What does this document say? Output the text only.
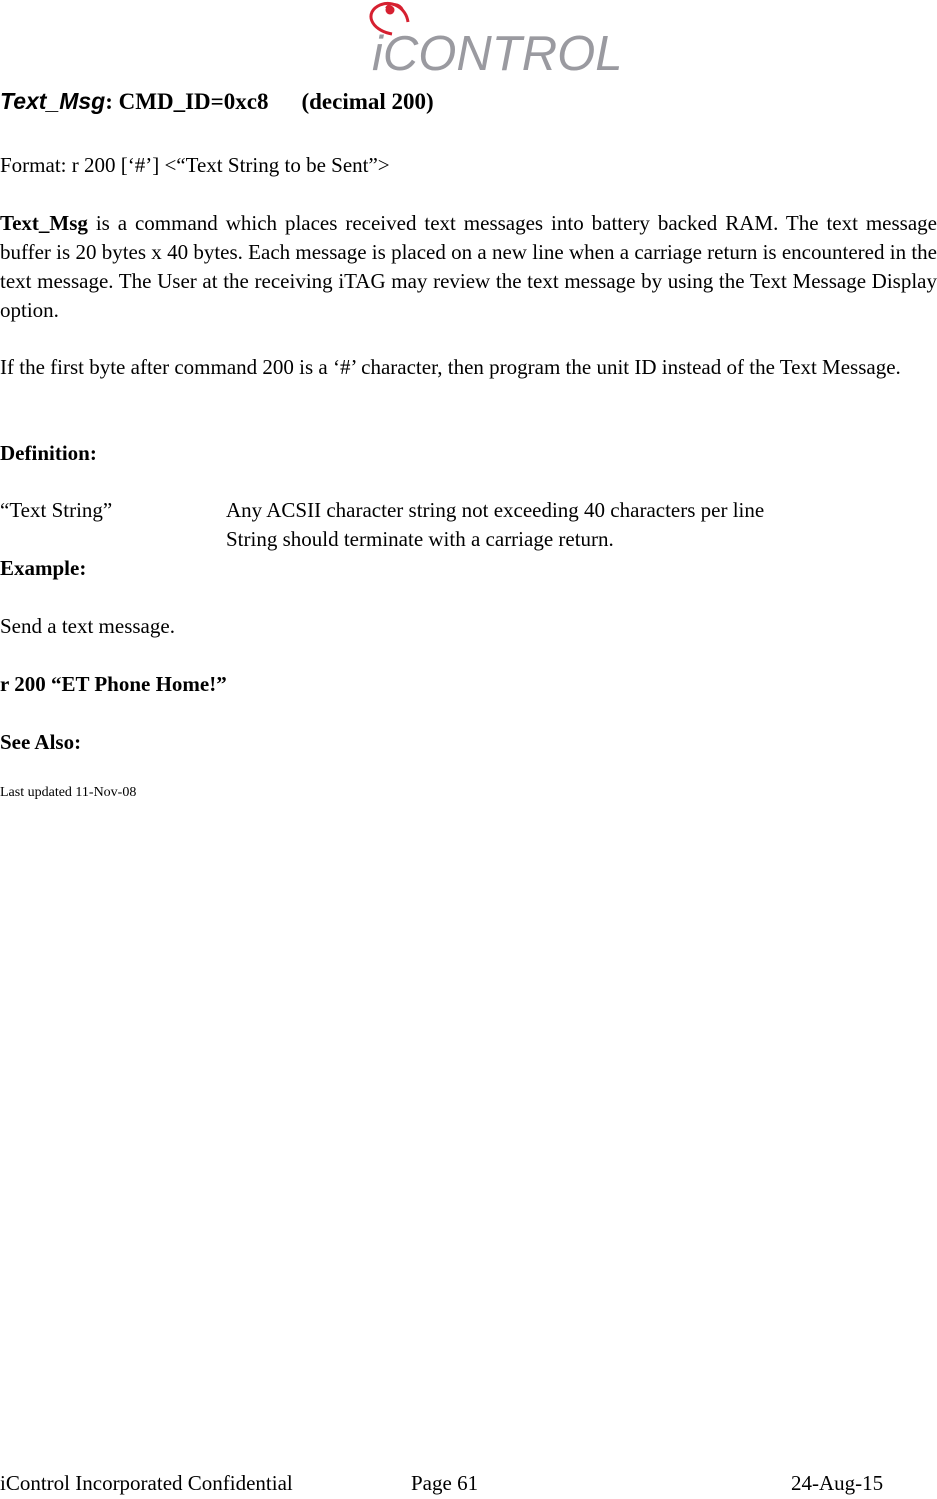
iCONTROL
Text_Msg: CMD_ID=0xc8 (decimal 200)
Format: r 200 [‘#’] <“Text String to be Sent”>
Text_Msg is a command which places received text messages into battery backed RAM. The text message buffer is 20 bytes x 40 bytes. Each message is placed on a new line when a carriage return is encountered in the text message. The User at the receiving iTAG may review the text message by using the Text Message Display option.
If the first byte after command 200 is a ‘#’ character, then program the unit ID instead of the Text Message.
Definition:
“Text String”	Any ACSII character string not exceeding 40 characters per line
String should terminate with a carriage return.
Example:
Send a text message.
r 200 “ET Phone Home!”
See Also:
Last updated 11-Nov-08
iControl Incorporated Confidential	Page 61	24-Aug-15
